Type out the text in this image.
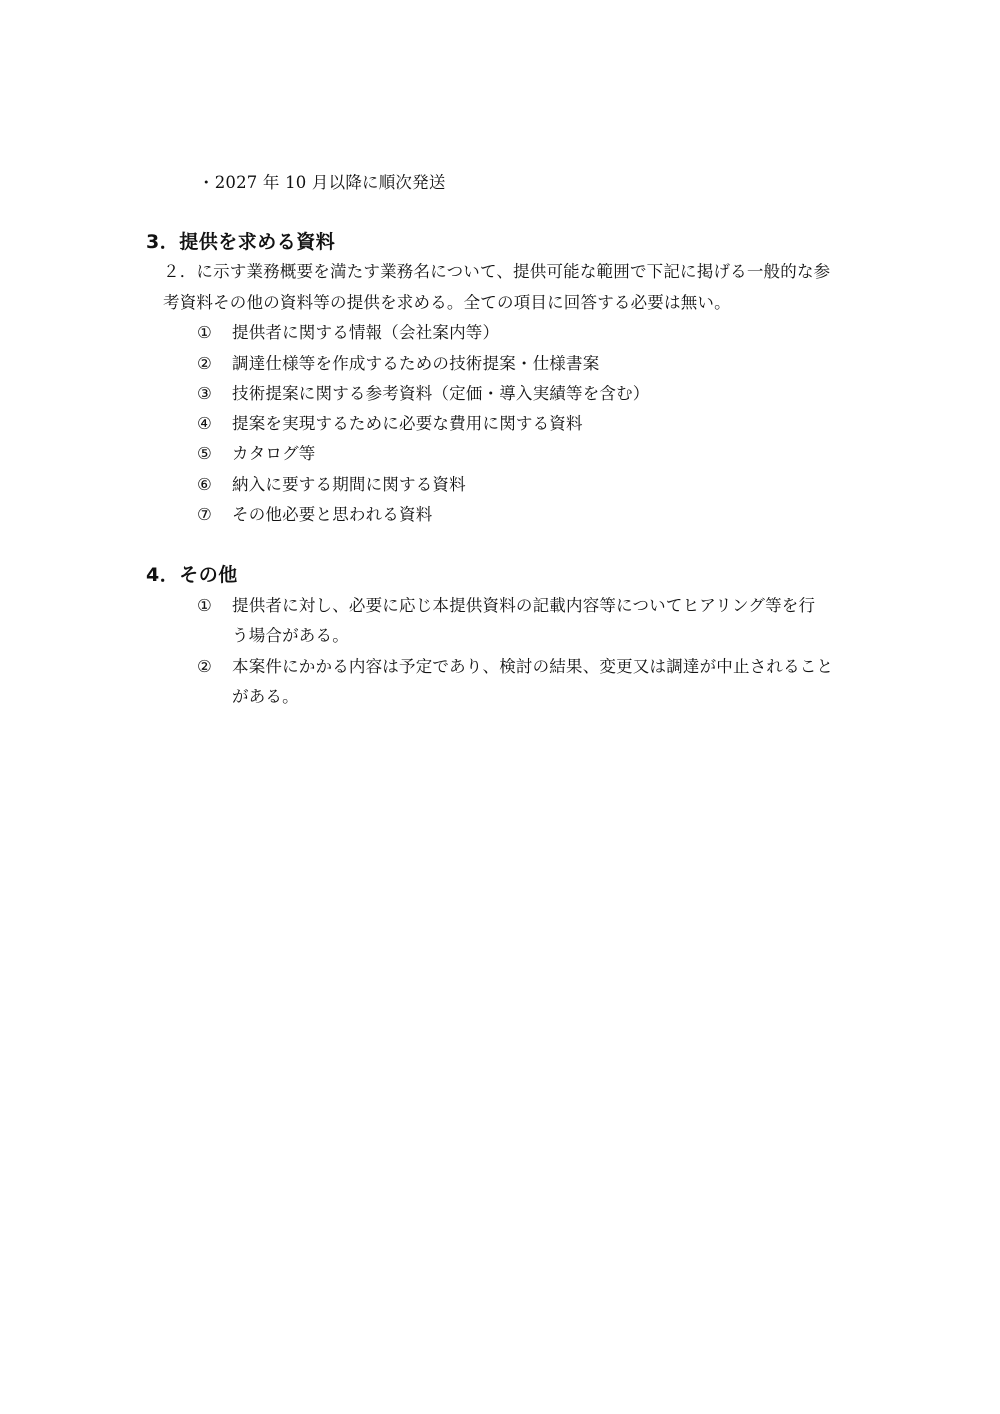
・2027 年 10 月以降に順次発送
3．提供を求める資料
２．に示す業務概要を満たす業務名について、提供可能な範囲で下記に掲げる一般的な参
考資料その他の資料等の提供を求める。全ての項目に回答する必要は無い。
① 提供者に関する情報（会社案内等）
② 調達仕様等を作成するための技術提案・仕様書案
③ 技術提案に関する参考資料（定価・導入実績等を含む）
④ 提案を実現するために必要な費用に関する資料
⑤ カタログ等
⑥ 納入に要する期間に関する資料
⑦ その他必要と思われる資料
4．その他
① 提供者に対し、必要に応じ本提供資料の記載内容等についてヒアリング等を行
う場合がある。
② 本案件にかかる内容は予定であり、検討の結果、変更又は調達が中止されること
がある。
